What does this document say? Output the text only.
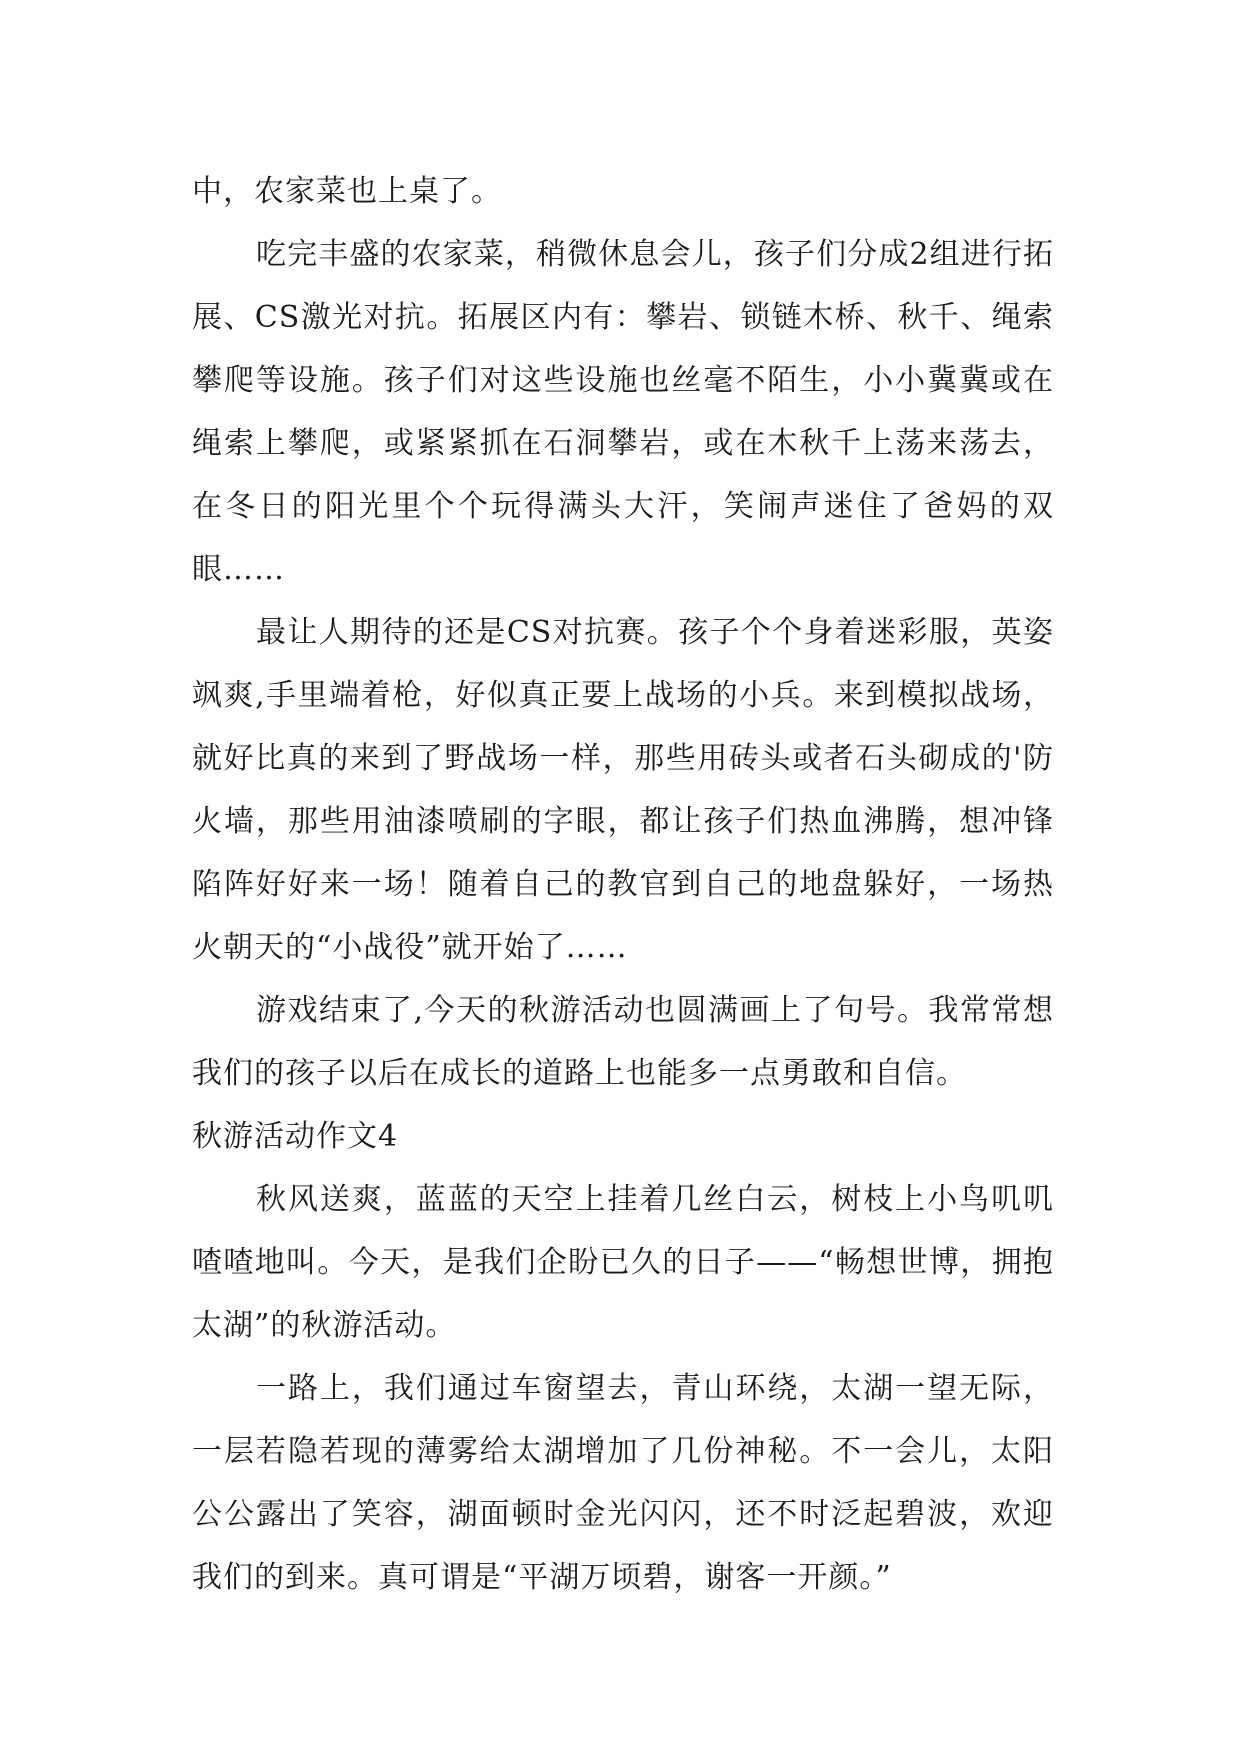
中，农家菜也上桌了。

吃完丰盛的农家菜，稍微休息会儿，孩子们分成2组进行拓展、CS激光对抗。拓展区内有：攀岩、锁链木桥、秋千、绳索攀爬等设施。孩子们对这些设施也丝毫不陌生，小小冀冀或在绳索上攀爬，或紧紧抓在石洞攀岩，或在木秋千上荡来荡去，在冬日的阳光里个个玩得满头大汗，笑闹声迷住了爸妈的双眼……

最让人期待的还是CS对抗赛。孩子个个身着迷彩服，英姿飒爽,手里端着枪，好似真正要上战场的小兵。来到模拟战场，就好比真的来到了野战场一样，那些用砖头或者石头砌成的'防火墙，那些用油漆喷刷的字眼，都让孩子们热血沸腾，想冲锋陷阵好好来一场！随着自己的教官到自己的地盘躲好，一场热火朝天的“小战役”就开始了……

游戏结束了,今天的秋游活动也圆满画上了句号。我常常想我们的孩子以后在成长的道路上也能多一点勇敢和自信。

秋游活动作文4

秋风送爽，蓝蓝的天空上挂着几丝白云，树枝上小鸟叽叽喳喳地叫。今天，是我们企盼已久的日子——“畅想世博，拥抱太湖”的秋游活动。

一路上，我们通过车窗望去，青山环绕，太湖一望无际，一层若隐若现的薄雾给太湖增加了几份神秘。不一会儿，太阳公公露出了笑容，湖面顿时金光闪闪，还不时泛起碧波，欢迎我们的到来。真可谓是“平湖万顷碧，谢客一开颜。”
